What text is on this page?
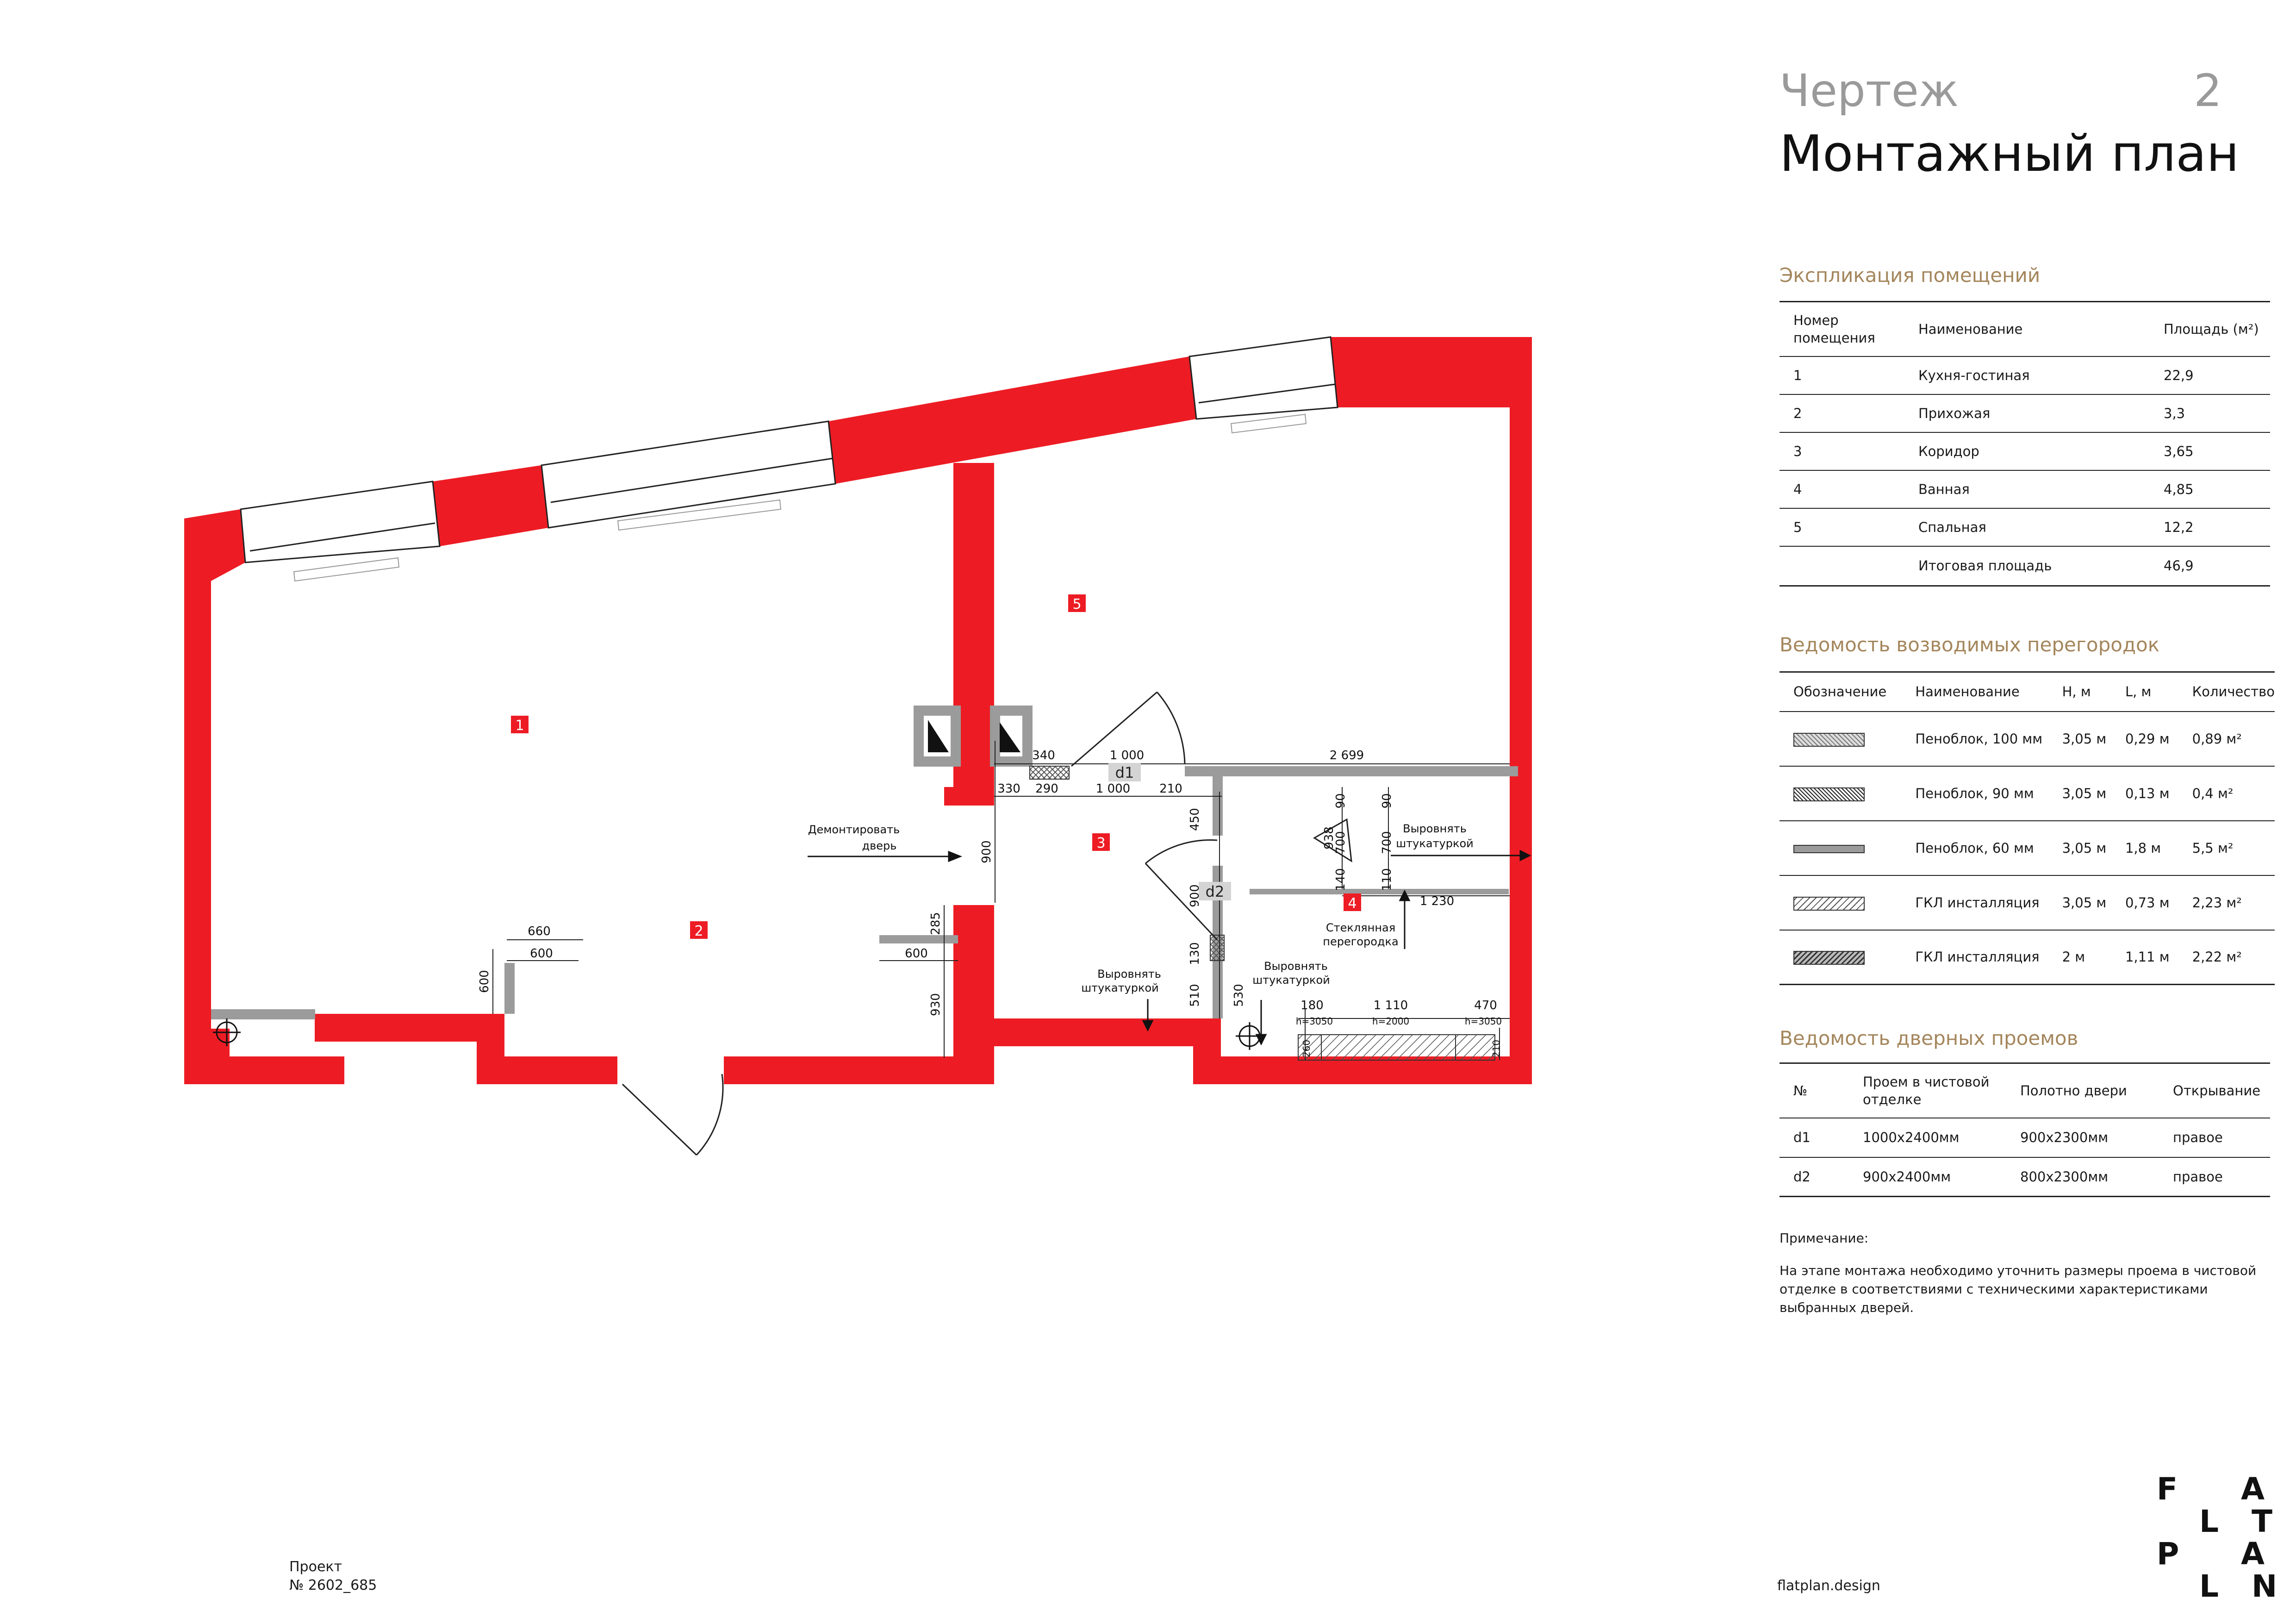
1
2
3
4
5
d1
d2
Демонтировать
дверь
Выровнять
штукатуркой
Выровнять
штукатуркой
Выровнять
штукатуркой
Стеклянная
перегородка
340	1 000	2 699
330 290	1 000 210
660
600	600
1 230
180	1 110	470
h=3050	h=2000	h=3050
900
450
900
600
285
930
130
510	530
90	90
938
700	700
140	110
260	210
Чертеж	2
Монтажный план
Экспликация помещений
Номер помещения	Наименование	Площадь (м²)
1	Кухня-гостиная	22,9
2	Прихожая	3,3
3	Коридор	3,65
4	Ванная	4,85
5	Спальная	12,2
	Итоговая площадь	46,9
Ведомость возводимых перегородок
Обозначение	Наименование	H, м	L, м	Количество
	Пеноблок, 100 мм	3,05 м	0,29 м	0,89 м²
	Пеноблок, 90 мм	3,05 м	0,13 м	0,4 м²
	Пеноблок, 60 мм	3,05 м	1,8 м	5,5 м²
	ГКЛ инсталляция	3,05 м	0,73 м	2,23 м²
	ГКЛ инсталляция	2 м	1,11 м	2,22 м²
Ведомость дверных проемов
№	Проем в чистовой отделке	Полотно двери	Открывание
d1	1000x2400мм	900x2300мм	правое
d2	900x2400мм	800x2300мм	правое
Примечание:
На этапе монтажа необходимо уточнить размеры проема в чистовой отделке в соответствиями с техническими характеристиками выбранных дверей.
Проект
№ 2602_685	flatplan.design
F A
L T
P A
L N
